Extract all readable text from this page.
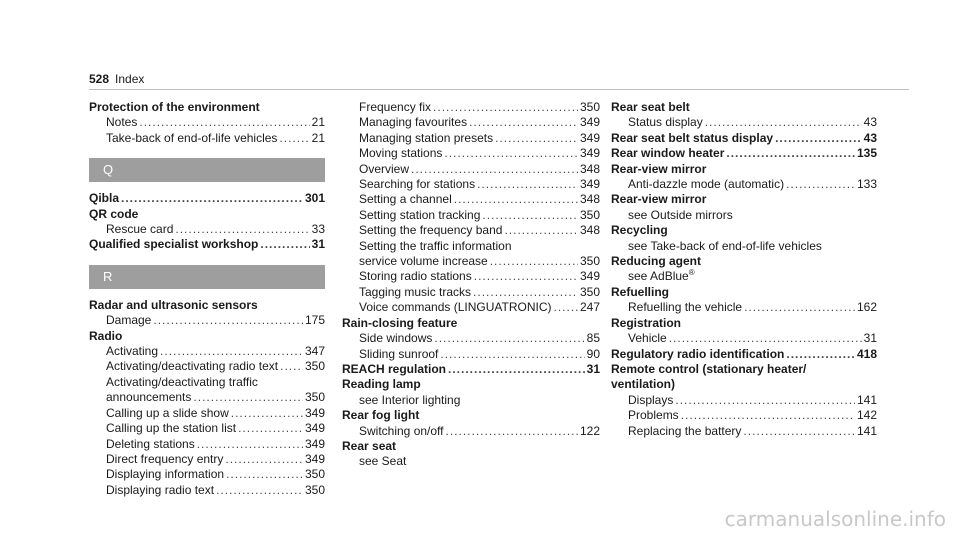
528 Index
Protection of the environment
Notes .....	21
Take-back of end-of-life vehicles .....	21
Q
Qibla .....	301
QR code
Rescue card .....	33
Qualified specialist workshop .....	31
R
Radar and ultrasonic sensors
Damage .....	175
Radio
Activating .....	347
Activating/deactivating radio text ..... 350
Activating/deactivating traffic
announcements .....	350
Calling up a slide show .....	349
Calling up the station list .....	349
Deleting stations .....	349
Direct frequency entry .....	349
Displaying information .....	350
Displaying radio text .....	350
Frequency fix .....	350
Managing favourites .....	349
Managing station presets .....	349
Moving stations .....	349
Overview .....	348
Searching for stations .....	349
Setting a channel .....	348
Setting station tracking .....	350
Setting the frequency band .....	348
Setting the traffic information
service volume increase .....	350
Storing radio stations .....	349
Tagging music tracks .....	350
Voice commands (LINGUATRONIC) ..... 247
Rain-closing feature
Side windows .....	85
Sliding sunroof .....	90
REACH regulation .....	31
Reading lamp
see Interior lighting
Rear fog light
Switching on/off .....	122
Rear seat
see Seat
Rear seat belt
Status display .....	43
Rear seat belt status display .....	43
Rear window heater .....	135
Rear-view mirror
Anti-dazzle mode (automatic) .....	133
Rear-view mirror
see Outside mirrors
Recycling
see Take-back of end-of-life vehicles
Reducing agent
see AdBlue®
Refuelling
Refuelling the vehicle .....	162
Registration
Vehicle .....	31
Regulatory radio identification .....	418
Remote control (stationary heater/
ventilation)
Displays .....	141
Problems .....	142
Replacing the battery .....	141
carmanualsonline.info
